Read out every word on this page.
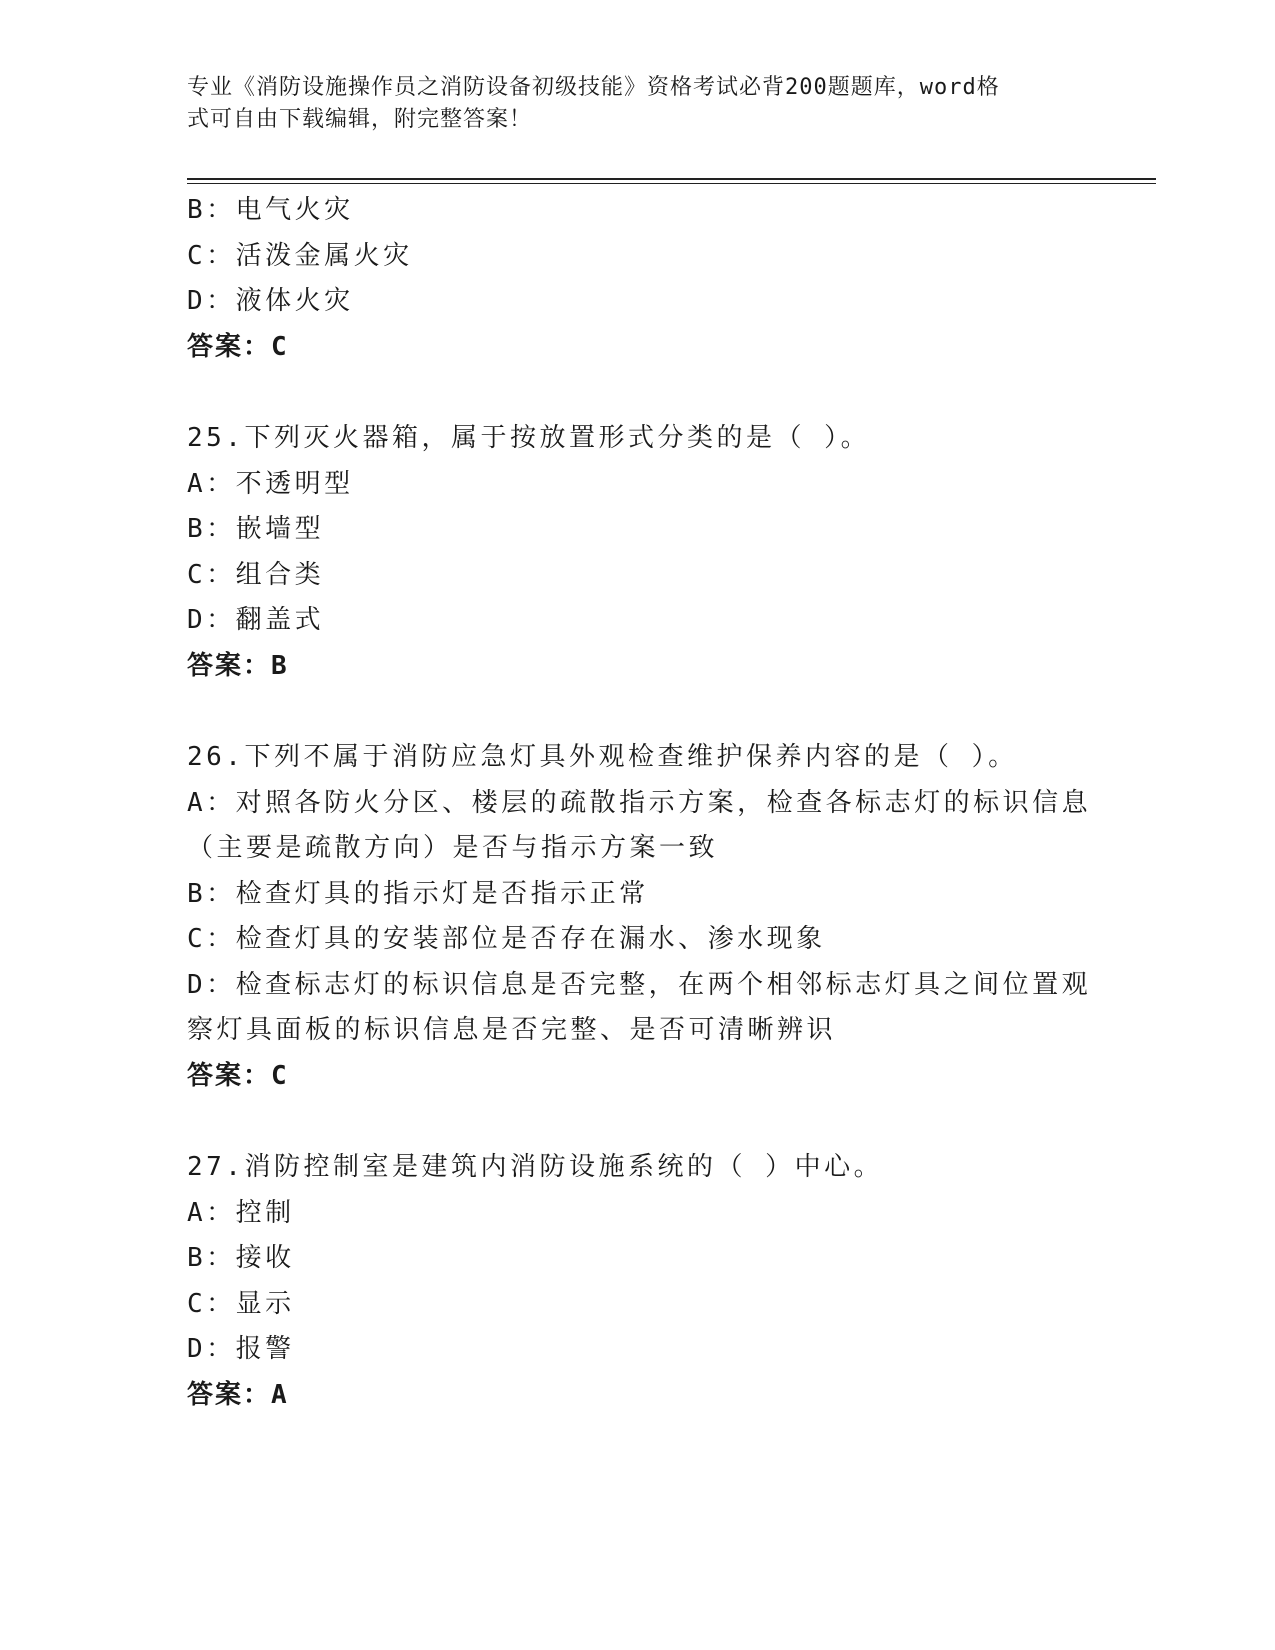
专业《消防设施操作员之消防设备初级技能》资格考试必背200题题库，word格

式可自由下载编辑，附完整答案！

B：电气火灾

C：活泼金属火灾

D：液体火灾

答案：C

25.下列灭火器箱，属于按放置形式分类的是（ ）。

A：不透明型

B：嵌墙型

C：组合类

D：翻盖式

答案：B

26.下列不属于消防应急灯具外观检查维护保养内容的是（ ）。

A：对照各防火分区、楼层的疏散指示方案，检查各标志灯的标识信息

（主要是疏散方向）是否与指示方案一致

B：检查灯具的指示灯是否指示正常

C：检查灯具的安装部位是否存在漏水、渗水现象

D：检查标志灯的标识信息是否完整，在两个相邻标志灯具之间位置观

察灯具面板的标识信息是否完整、是否可清晰辨识

答案：C

27.消防控制室是建筑内消防设施系统的（ ）中心。

A：控制

B：接收

C：显示

D：报警

答案：A
